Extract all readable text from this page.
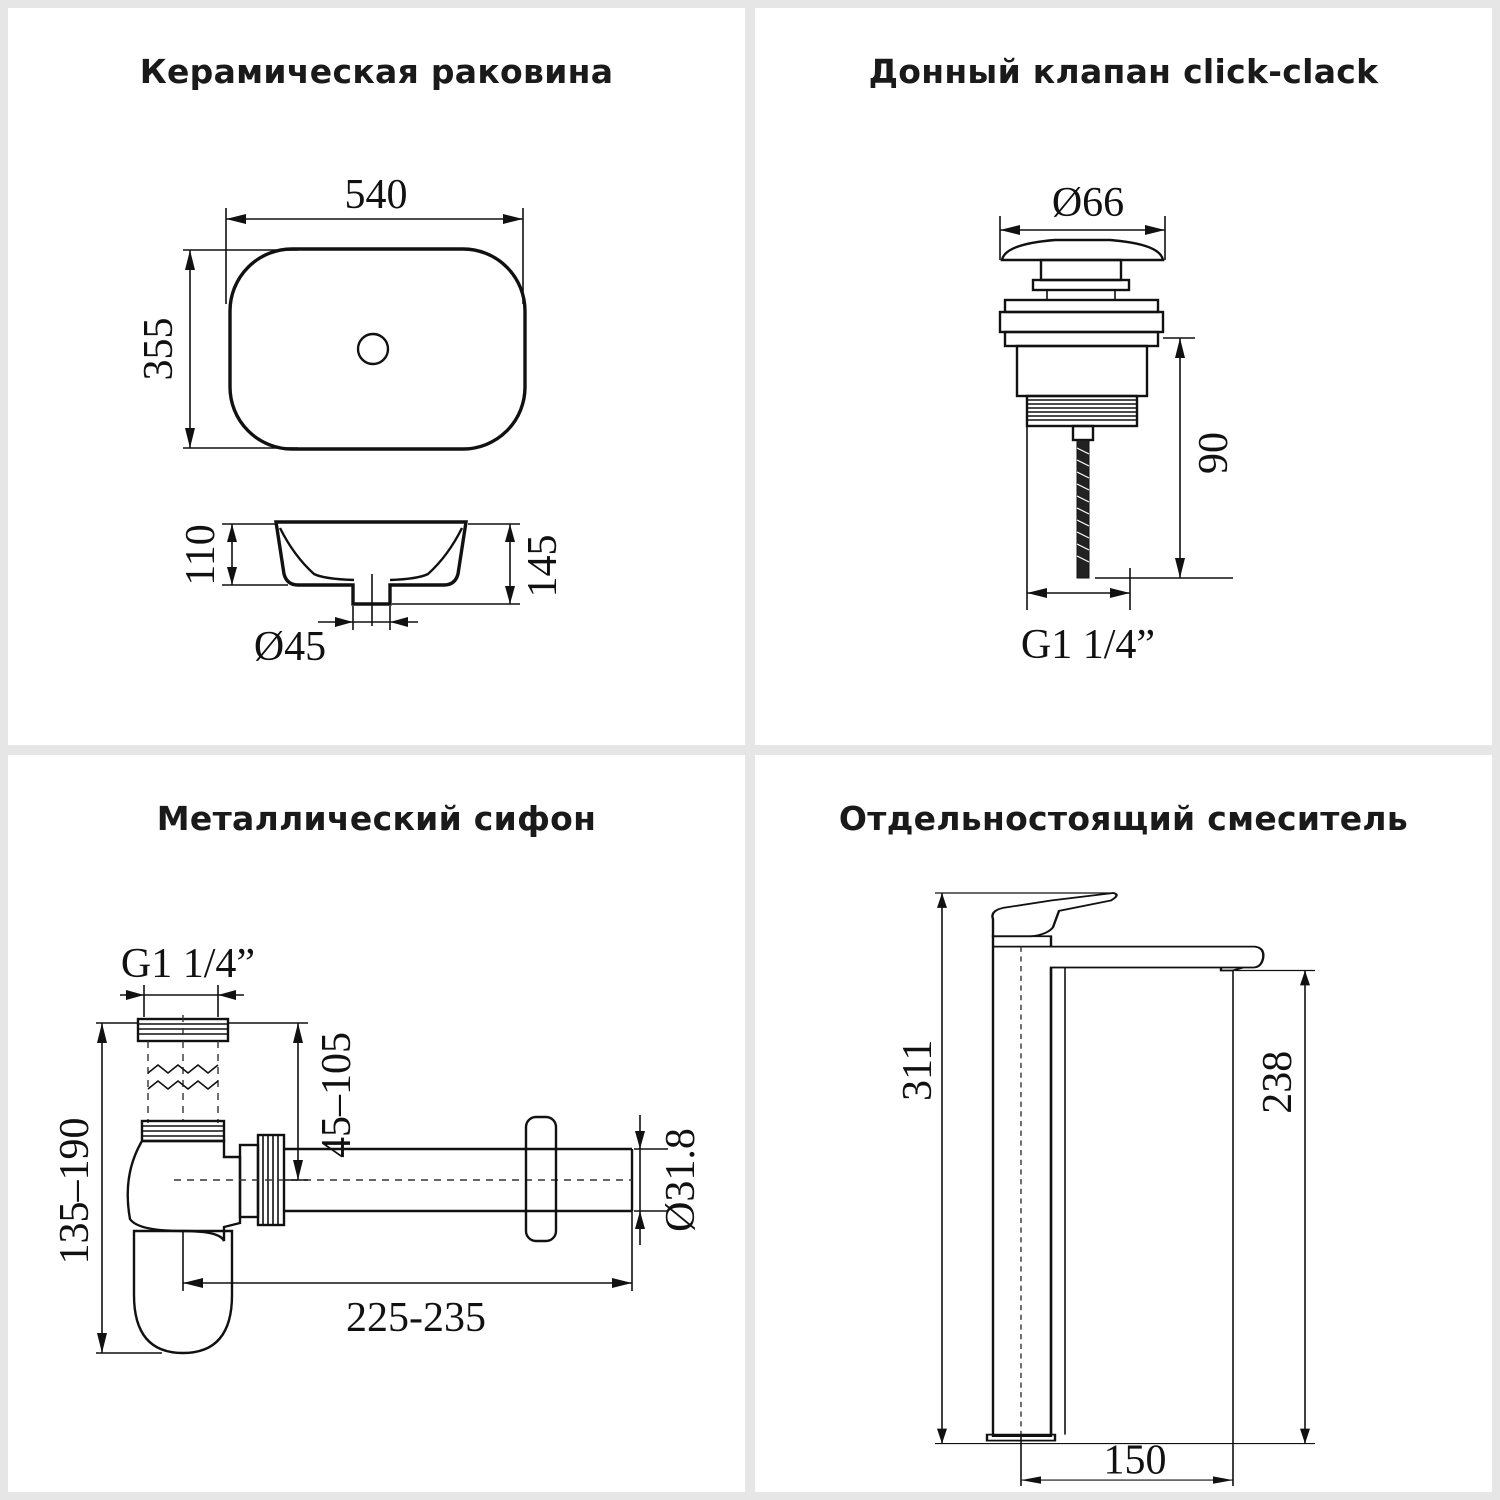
Керамическая раковина
540
355
110	145
Ø45
Донный клапан click-clack
Ø66
90
G1 1/4”
Металлический сифон
G1 1/4”
Ø31.8
45–105
135–190
225-235
Отдельностоящий смеситель
311	238
150
